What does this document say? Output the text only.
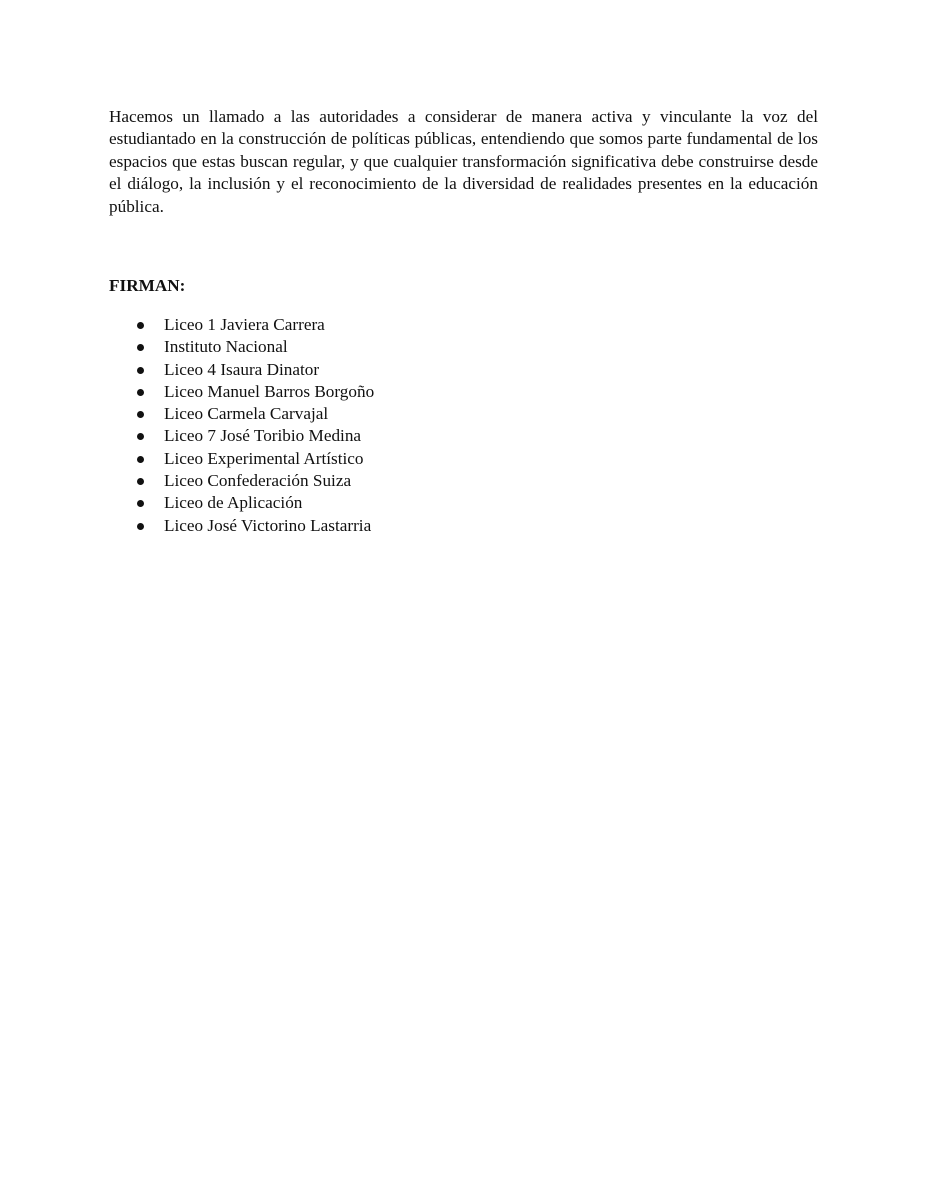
Hacemos un llamado a las autoridades a considerar de manera activa y vinculante la voz del estudiantado en la construcción de políticas públicas, entendiendo que somos parte fundamental de los espacios que estas buscan regular, y que cualquier transformación significativa debe construirse desde el diálogo, la inclusión y el reconocimiento de la diversidad de realidades presentes en la educación pública.

FIRMAN:
Liceo 1 Javiera Carrera
Instituto Nacional
Liceo 4 Isaura Dinator
Liceo Manuel Barros Borgoño
Liceo Carmela Carvajal
Liceo 7 José Toribio Medina
Liceo Experimental Artístico
Liceo Confederación Suiza
Liceo de Aplicación
Liceo José Victorino Lastarria
